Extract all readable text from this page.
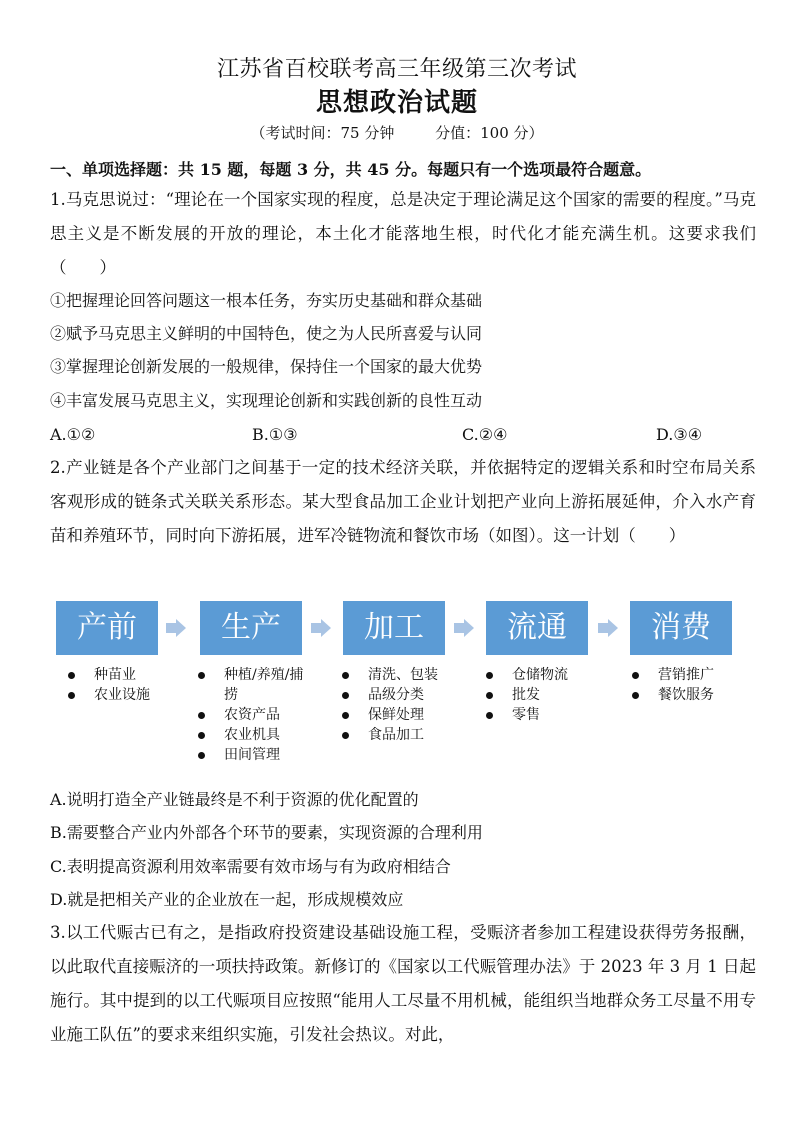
江苏省百校联考高三年级第三次考试
思想政治试题
（考试时间：75 分钟	分值：100 分）
一、单项选择题：共 15 题，每题 3 分，共 45 分。每题只有一个选项最符合题意。
1.马克思说过：“理论在一个国家实现的程度，总是决定于理论满足这个国家的需要的程度。”马克思主义是不断发展的开放的理论，本土化才能落地生根，时代化才能充满生机。这要求我们（　　）
①把握理论回答问题这一根本任务，夯实历史基础和群众基础
②赋予马克思主义鲜明的中国特色，使之为人民所喜爱与认同
③掌握理论创新发展的一般规律，保持住一个国家的最大优势
④丰富发展马克思主义，实现理论创新和实践创新的良性互动
A.①②	B.①③	C.②④	D.③④
2.产业链是各个产业部门之间基于一定的技术经济关联，并依据特定的逻辑关系和时空布局关系客观形成的链条式关联关系形态。某大型食品加工企业计划把产业向上游拓展延伸，介入水产育苗和养殖环节，同时向下游拓展，进军冷链物流和餐饮市场（如图）。这一计划（　　）
产前
种苗业
农业设施
生产
种植/养殖/捕捞
农资产品
农业机具
田间管理
加工
清洗、包装
品级分类
保鲜处理
食品加工
流通
仓储物流
批发
零售
消费
营销推广
餐饮服务
A.说明打造全产业链最终是不利于资源的优化配置的
B.需要整合产业内外部各个环节的要素，实现资源的合理利用
C.表明提高资源利用效率需要有效市场与有为政府相结合
D.就是把相关产业的企业放在一起，形成规模效应
3.以工代赈古已有之，是指政府投资建设基础设施工程，受赈济者参加工程建设获得劳务报酬，以此取代直接赈济的一项扶持政策。新修订的《国家以工代赈管理办法》于 2023 年 3 月 1 日起施行。其中提到的以工代赈项目应按照“能用人工尽量不用机械，能组织当地群众务工尽量不用专业施工队伍”的要求来组织实施，引发社会热议。对此，
